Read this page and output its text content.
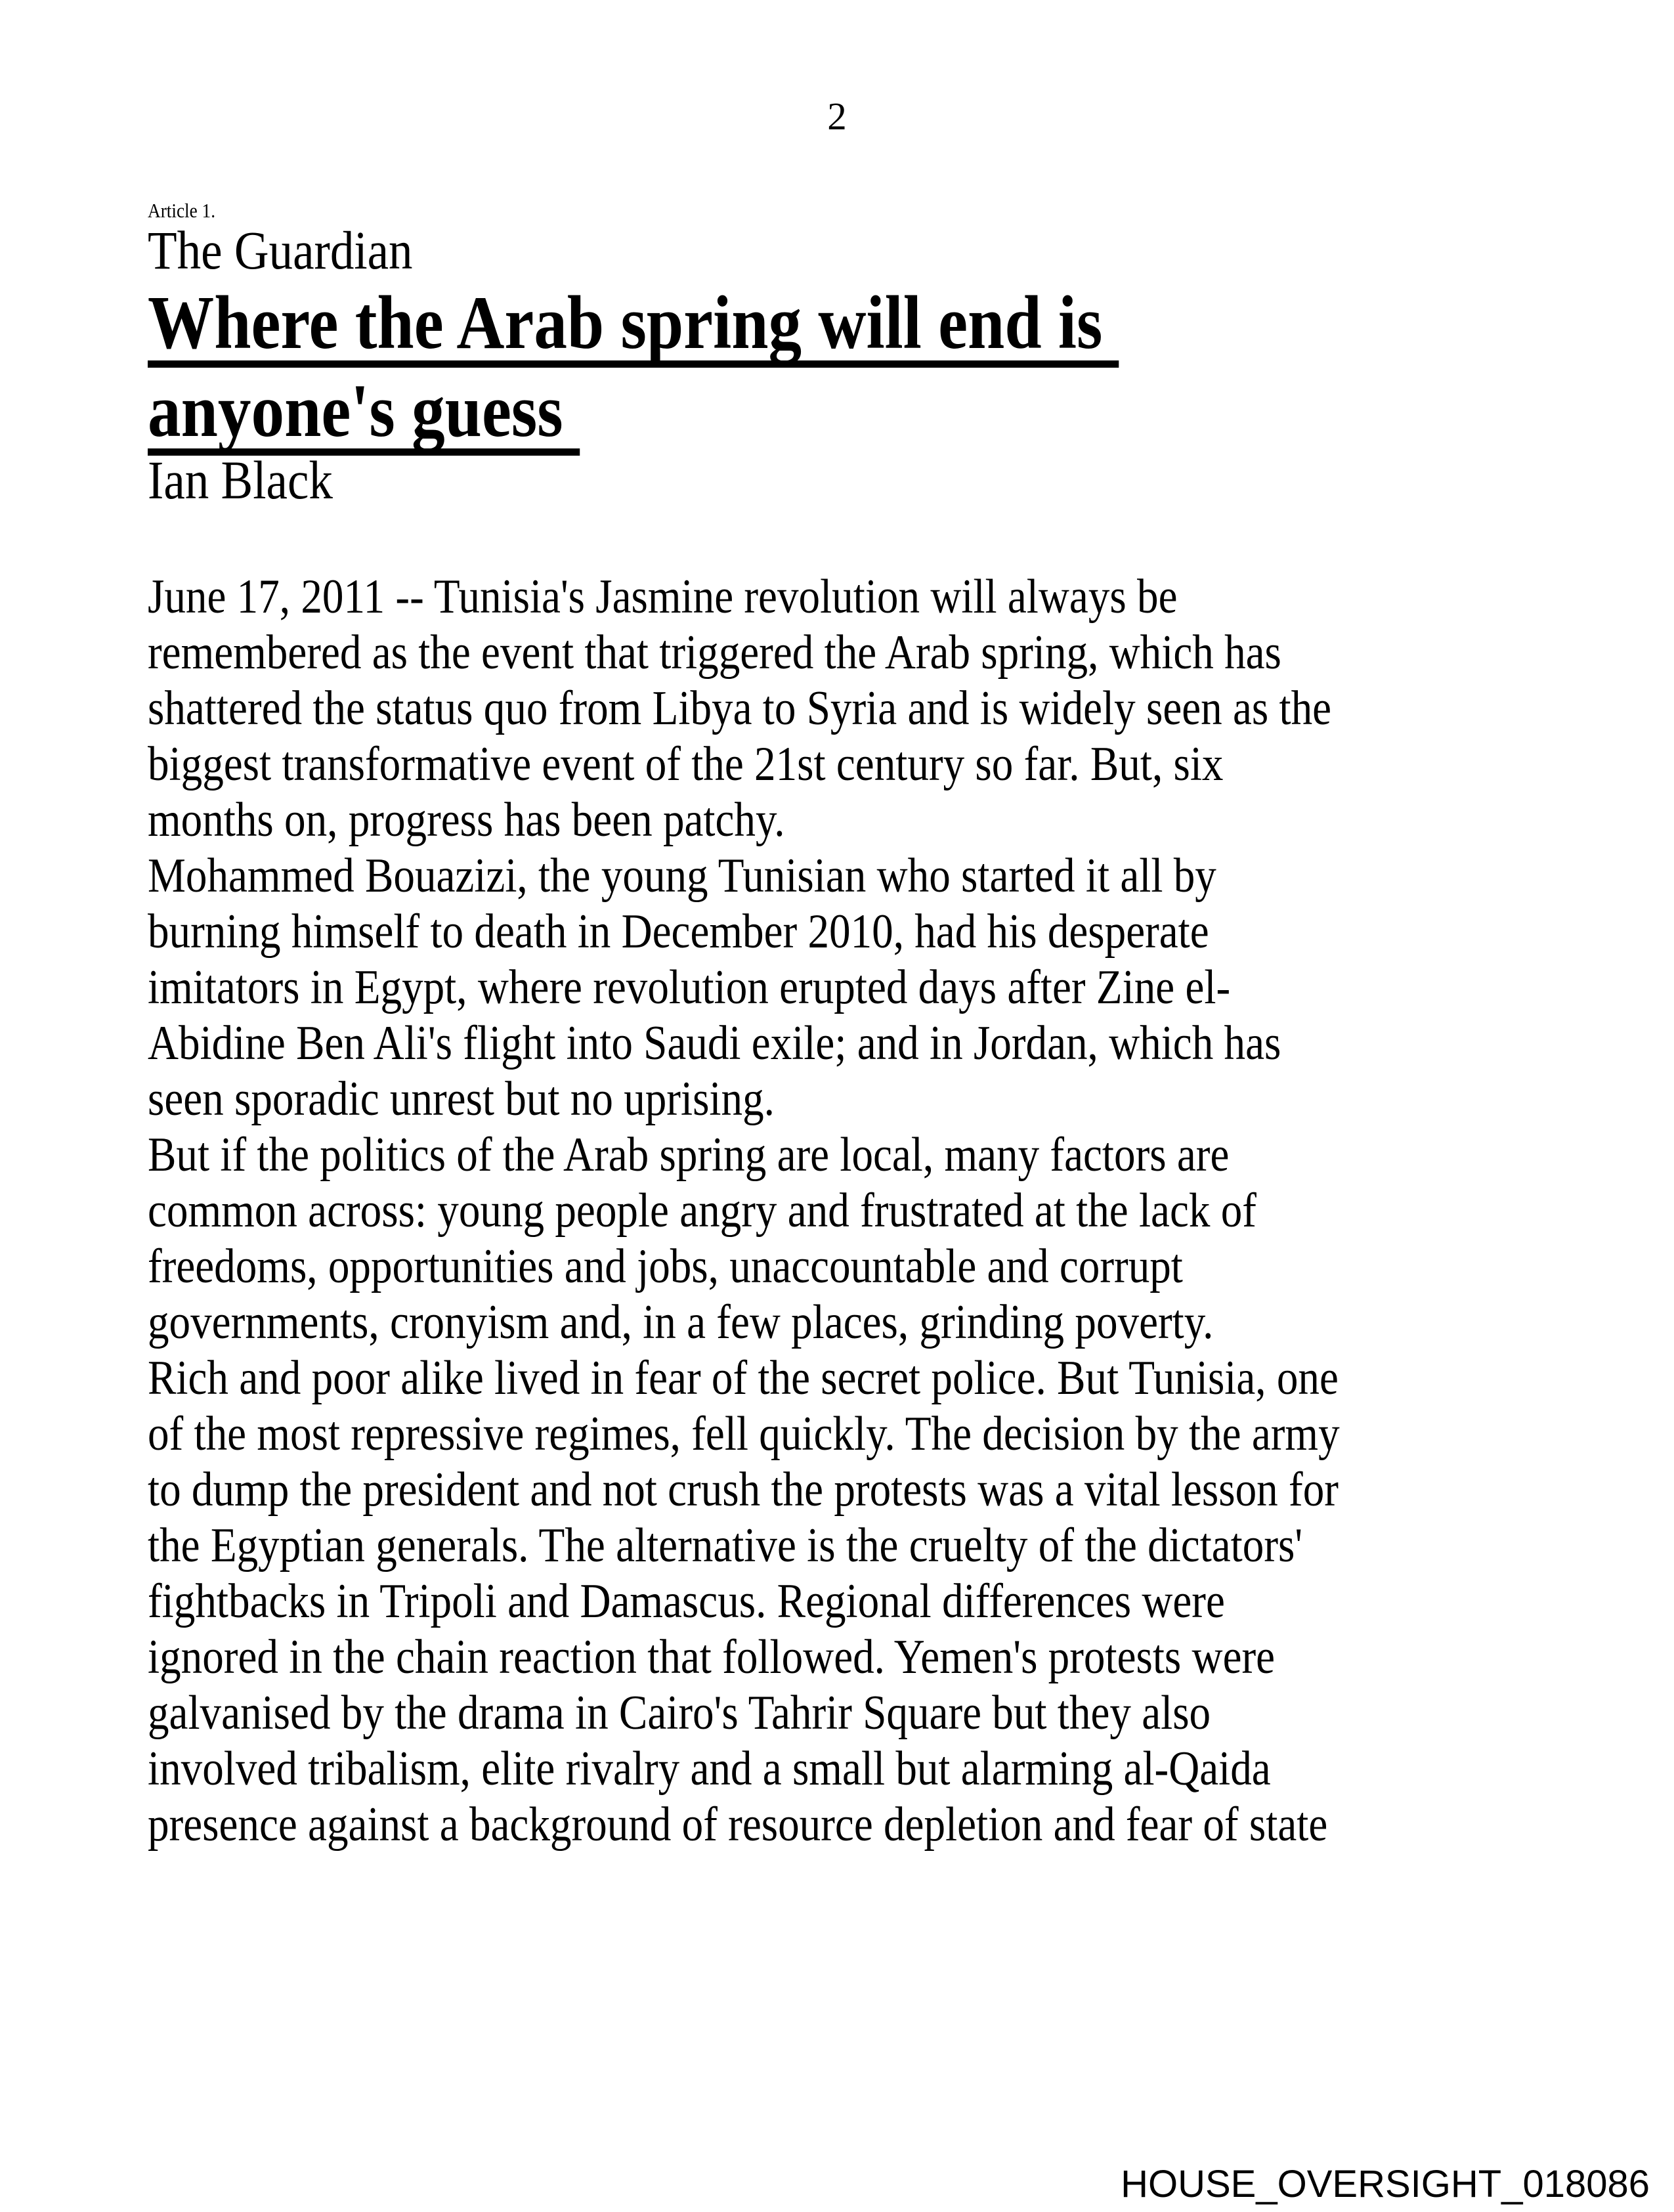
2
Article 1.
The Guardian
Where the Arab spring will end is
anyone's guess
Ian Black
June 17, 2011 -- Tunisia's Jasmine revolution will always be
remembered as the event that triggered the Arab spring, which has
shattered the status quo from Libya to Syria and is widely seen as the
biggest transformative event of the 21st century so far. But, six
months on, progress has been patchy.
Mohammed Bouazizi, the young Tunisian who started it all by
burning himself to death in December 2010, had his desperate
imitators in Egypt, where revolution erupted days after Zine el-
Abidine Ben Ali's flight into Saudi exile; and in Jordan, which has
seen sporadic unrest but no uprising.
But if the politics of the Arab spring are local, many factors are
common across: young people angry and frustrated at the lack of
freedoms, opportunities and jobs, unaccountable and corrupt
governments, cronyism and, in a few places, grinding poverty.
Rich and poor alike lived in fear of the secret police. But Tunisia, one
of the most repressive regimes, fell quickly. The decision by the army
to dump the president and not crush the protests was a vital lesson for
the Egyptian generals. The alternative is the cruelty of the dictators'
fightbacks in Tripoli and Damascus. Regional differences were
ignored in the chain reaction that followed. Yemen's protests were
galvanised by the drama in Cairo's Tahrir Square but they also
involved tribalism, elite rivalry and a small but alarming al-Qaida
presence against a background of resource depletion and fear of state
HOUSE_OVERSIGHT_018086
